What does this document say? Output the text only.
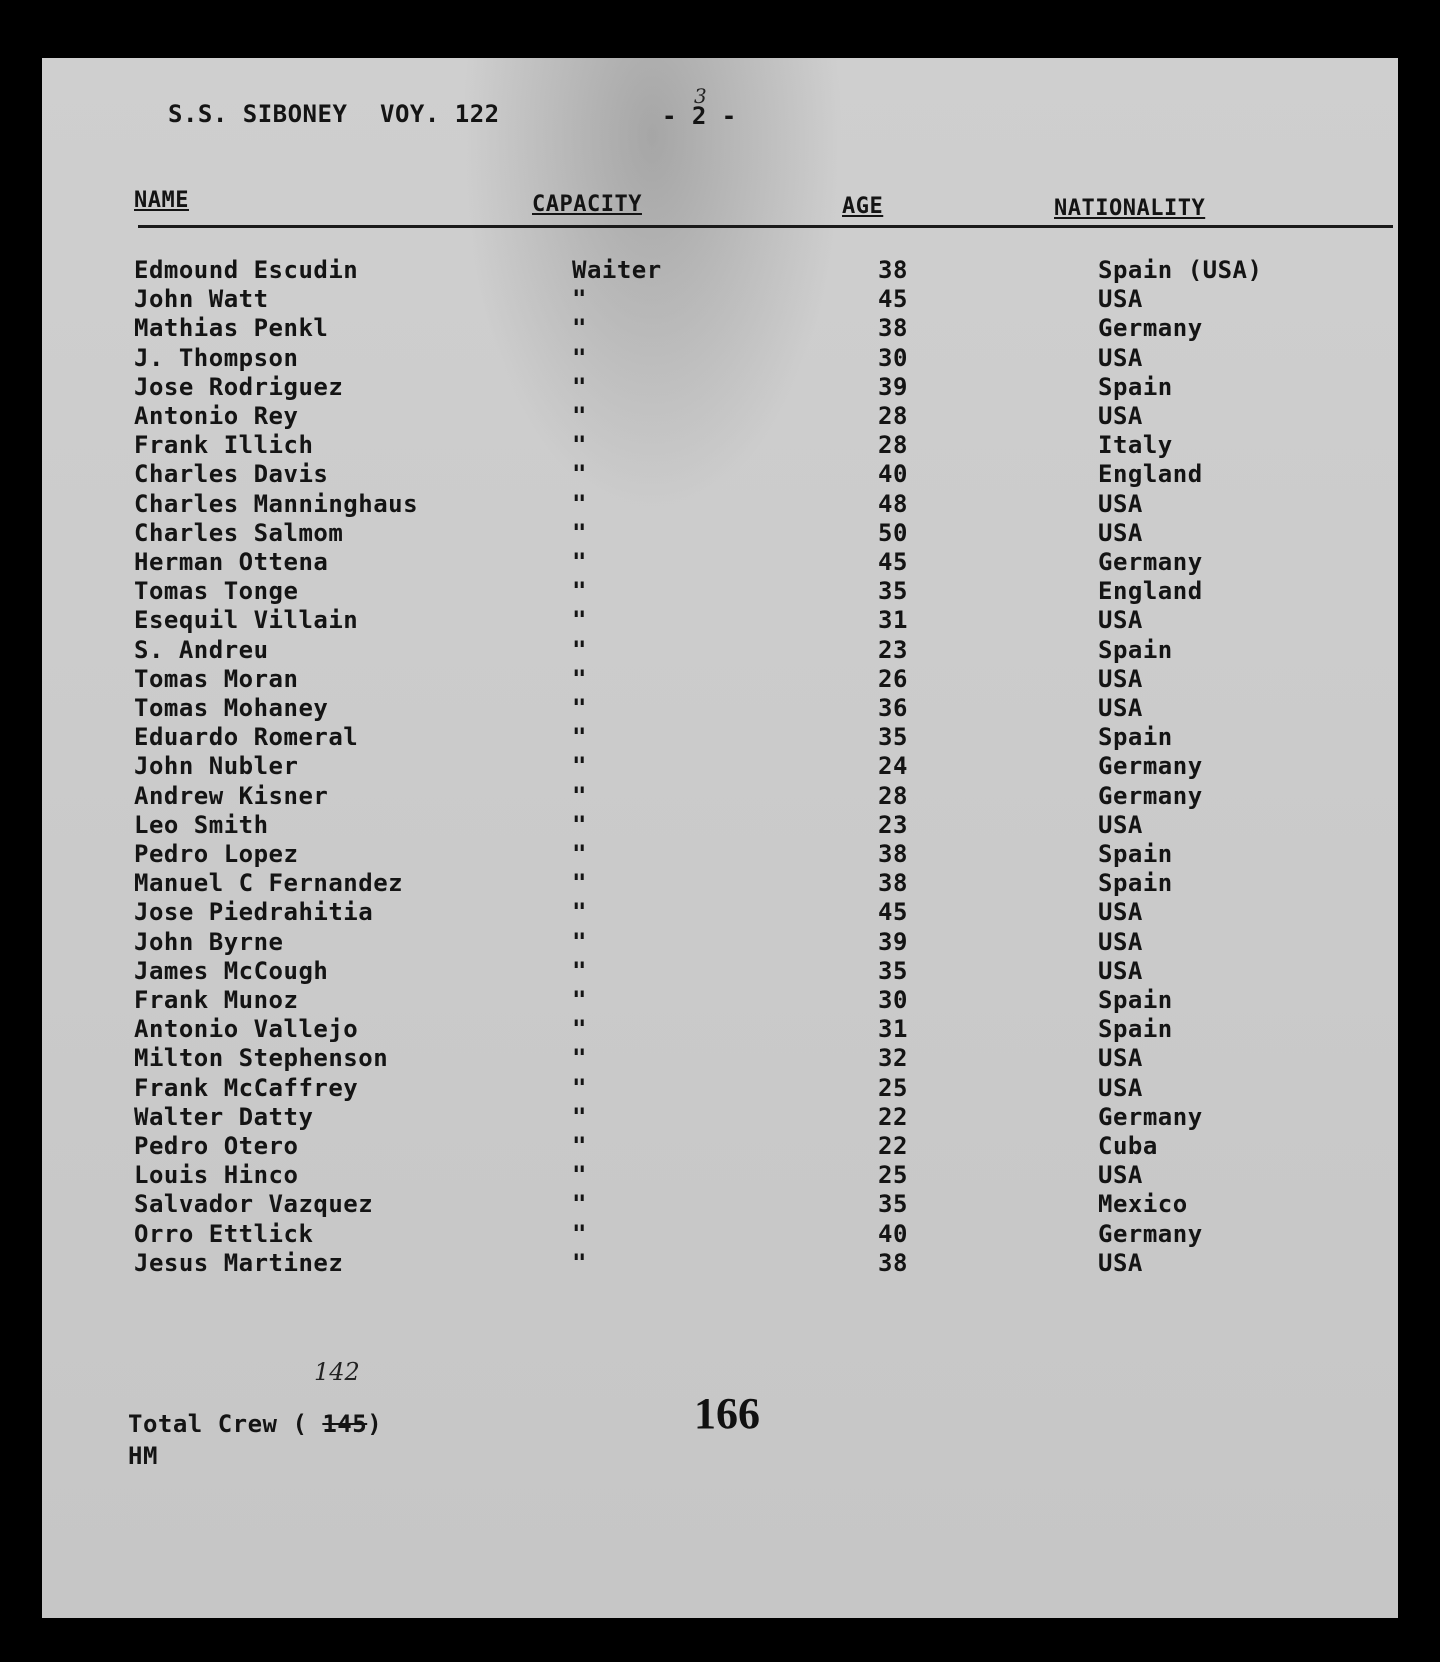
S.S. SIBONEY VOY. 122	- 2 -
3
NAME	CAPACITY	AGE	NATIONALITY
Edmound Escudin	Waiter	38	Spain (USA)
John Watt	"	45	USA
Mathias Penkl	"	38	Germany
J. Thompson	"	30	USA
Jose Rodriguez	"	39	Spain
Antonio Rey	"	28	USA
Frank Illich	"	28	Italy
Charles Davis	"	40	England
Charles Manninghaus	"	48	USA
Charles Salmom	"	50	USA
Herman Ottena	"	45	Germany
Tomas Tonge	"	35	England
Esequil Villain	"	31	USA
S. Andreu	"	23	Spain
Tomas Moran	"	26	USA
Tomas Mohaney	"	36	USA
Eduardo Romeral	"	35	Spain
John Nubler	"	24	Germany
Andrew Kisner	"	28	Germany
Leo Smith	"	23	USA
Pedro Lopez	"	38	Spain
Manuel C Fernandez	"	38	Spain
Jose Piedrahitia	"	45	USA
John Byrne	"	39	USA
James McCough	"	35	USA
Frank Munoz	"	30	Spain
Antonio Vallejo	"	31	Spain
Milton Stephenson	"	32	USA
Frank McCaffrey	"	25	USA
Walter Datty	"	22	Germany
Pedro Otero	"	22	Cuba
Louis Hinco	"	25	USA
Salvador Vazquez	"	35	Mexico
Orro Ettlick	"	40	Germany
Jesus Martinez	"	38	USA
Total Crew ( 145)
142
HM
166
